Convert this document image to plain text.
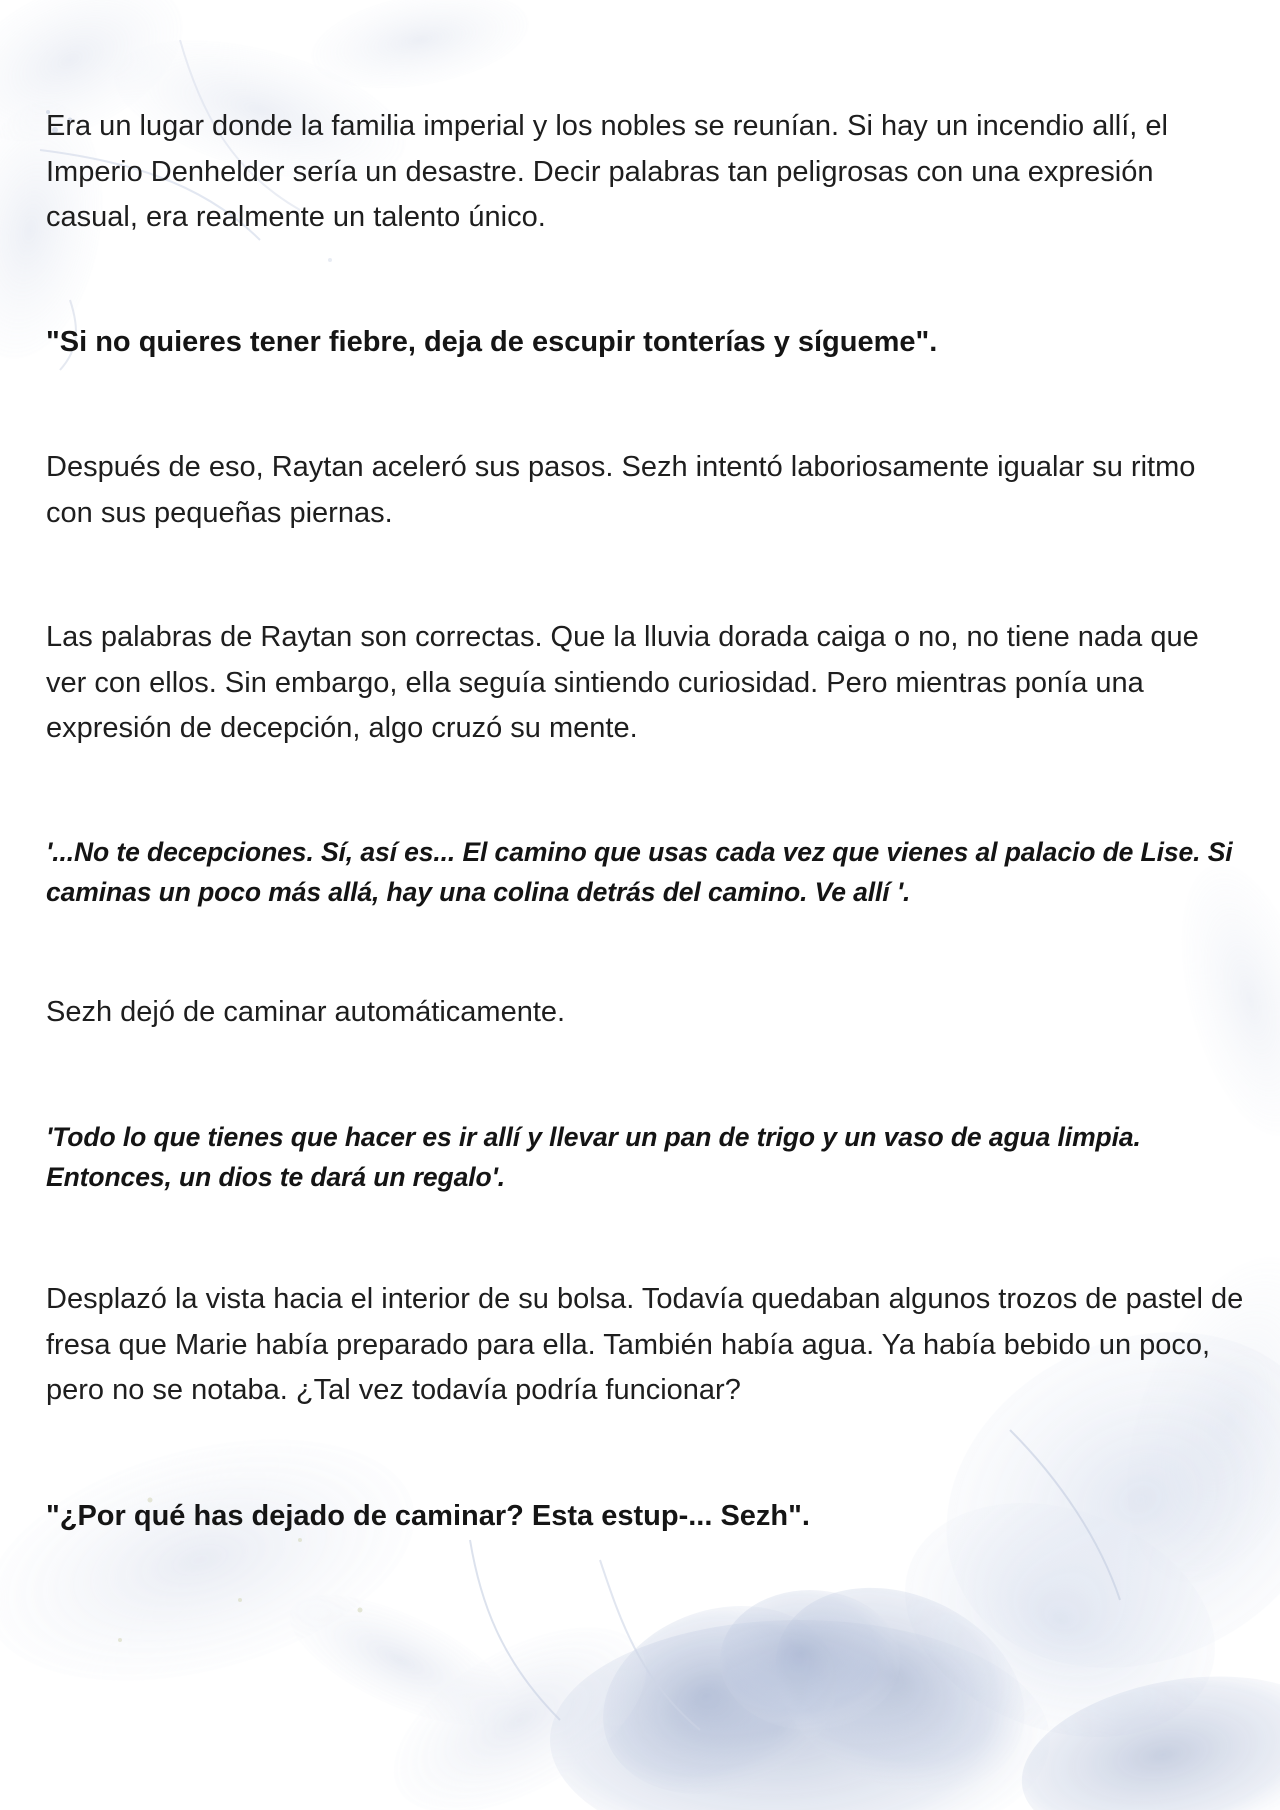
Era un lugar donde la familia imperial y los nobles se reunían. Si hay un incendio allí, el Imperio Denhelder sería un desastre. Decir palabras tan peligrosas con una expresión casual, era realmente un talento único.

"Si no quieres tener fiebre, deja de escupir tonterías y sígueme".

Después de eso, Raytan aceleró sus pasos. Sezh intentó laboriosamente igualar su ritmo con sus pequeñas piernas.

Las palabras de Raytan son correctas. Que la lluvia dorada caiga o no, no tiene nada que ver con ellos. Sin embargo, ella seguía sintiendo curiosidad. Pero mientras ponía una expresión de decepción, algo cruzó su mente.

'...No te decepciones. Sí, así es... El camino que usas cada vez que vienes al palacio de Lise. Si caminas un poco más allá, hay una colina detrás del camino. Ve allí '.

Sezh dejó de caminar automáticamente.

'Todo lo que tienes que hacer es ir allí y llevar un pan de trigo y un vaso de agua limpia. Entonces, un dios te dará un regalo'.

Desplazó la vista hacia el interior de su bolsa. Todavía quedaban algunos trozos de pastel de fresa que Marie había preparado para ella. También había agua. Ya había bebido un poco, pero no se notaba. ¿Tal vez todavía podría funcionar?

"¿Por qué has dejado de caminar? Esta estup-... Sezh".
